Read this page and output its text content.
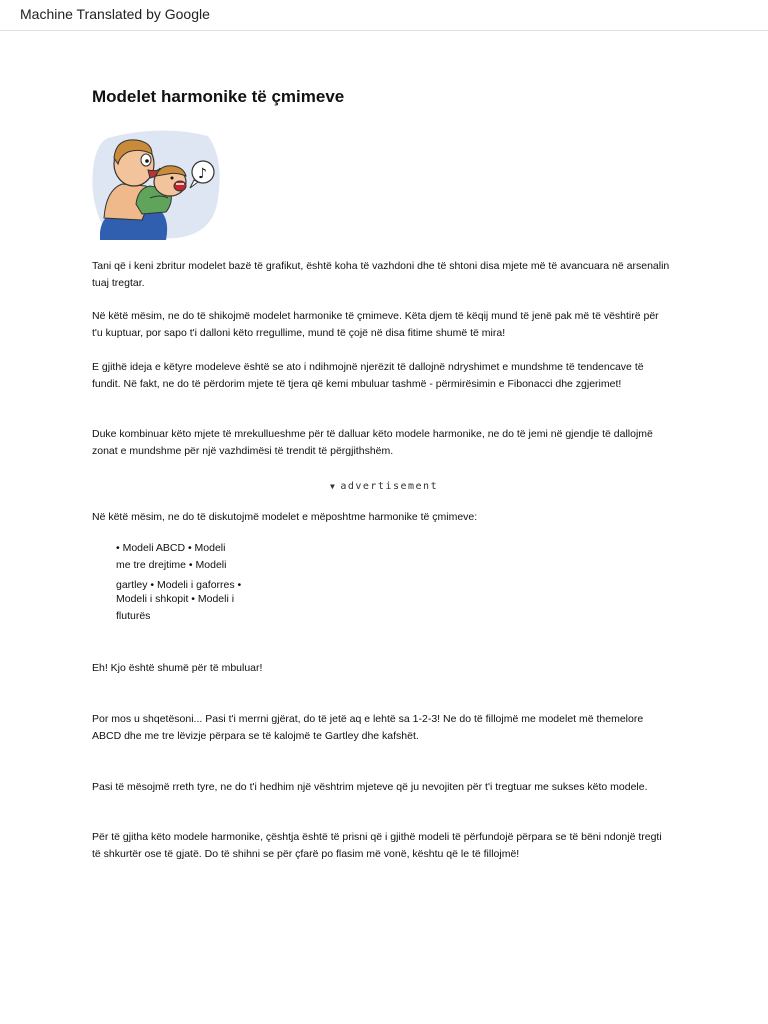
Machine Translated by Google
Modelet harmonike të çmimeve
♪

Tani që i keni zbritur modelet bazë të grafikut, është koha të vazhdoni dhe të shtoni disa mjete më të avancuara në arsenalin tuaj tregtar.

Në këtë mësim, ne do të shikojmë modelet harmonike të çmimeve. Këta djem të këqij mund të jenë pak më të vështirë për t'u kuptuar, por sapo t'i dalloni këto rregullime, mund të çojë në disa fitime shumë të mira!

E gjithë ideja e këtyre modeleve është se ato i ndihmojnë njerëzit të dallojnë ndryshimet e mundshme të tendencave të fundit. Në fakt, ne do të përdorim mjete të tjera që kemi mbuluar tashmë - përmirësimin e Fibonacci dhe zgjerimet!

Duke kombinuar këto mjete të mrekullueshme për të dalluar këto modele harmonike, ne do të jemi në gjendje të dallojmë zonat e mundshme për një vazhdimësi të trendit të përgjithshëm.

▼ advertisement

Në këtë mësim, ne do të diskutojmë modelet e mëposhtme harmonike të çmimeve:

• Modeli ABCD • Modeli

me tre drejtime • Modeli

gartley • Modeli i gaforres •

Modeli i shkopit • Modeli i

fluturës

Eh! Kjo është shumë për të mbuluar!

Por mos u shqetësoni... Pasi t'i merrni gjërat, do të jetë aq e lehtë sa 1-2-3! Ne do të fillojmë me modelet më themelore ABCD dhe me tre lëvizje përpara se të kalojmë te Gartley dhe kafshët.

Pasi të mësojmë rreth tyre, ne do t'i hedhim një vështrim mjeteve që ju nevojiten për t'i tregtuar me sukses këto modele.

Për të gjitha këto modele harmonike, çështja është të prisni që i gjithë modeli të përfundojë përpara se të bëni ndonjë tregti të shkurtër ose të gjatë. Do të shihni se për çfarë po flasim më vonë, kështu që le të fillojmë!
